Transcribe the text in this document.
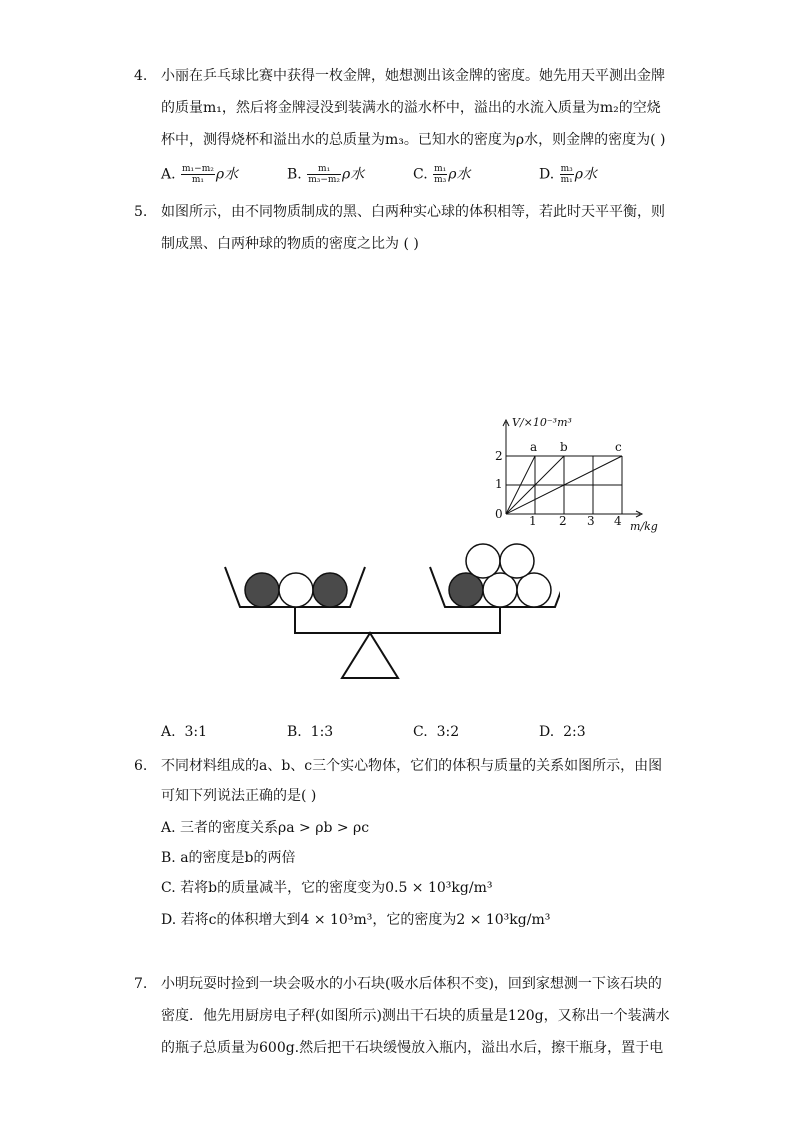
4. 小丽在乒乓球比赛中获得一枚金牌，她想测出该金牌的密度。她先用天平测出金牌
的质量m₁，然后将金牌浸没到装满水的溢水杯中，溢出的水流入质量为m₂的空烧
杯中，测得烧杯和溢出水的总质量为m₃。已知水的密度为ρ水，则金牌的密度为( )
A. $\frac{\text{m₁−m₂}}{\text{m₁}}$ ρ水	B. $\frac{\text{m₁}}{\text{m₃−m₂}}$ ρ水	C. $\frac{\text{m₁}}{\text{m₃}}$ ρ水	D. $\frac{\text{m₃}}{\text{m₁}}$ ρ水
5. 如图所示，由不同物质制成的黑、白两种实心球的体积相等，若此时天平平衡，则
制成黑、白两种球的物质的密度之比为 ( )
V/×10⁻³m³
m/kg
0
2
1
1 2 3 4
a b	c
A. 3:1	B. 1:3	C. 3:2	D. 2:3
6. 不同材料组成的a、b、c三个实心物体，它们的体积与质量的关系如图所示，由图
可知下列说法正确的是( )
A. 三者的密度关系ρa > ρb > ρc
B. a的密度是b的两倍
C. 若将b的质量减半，它的密度变为0.5 × 10³kg/m³
D. 若将c的体积增大到4 × 10³m³，它的密度为2 × 10³kg/m³
7. 小明玩耍时捡到一块会吸水的小石块(吸水后体积不变)，回到家想测一下该石块的
密度．他先用厨房电子秤(如图所示)测出干石块的质量是120g，又称出一个装满水
的瓶子总质量为600g.然后把干石块缓慢放入瓶内，溢出水后，擦干瓶身，置于电
